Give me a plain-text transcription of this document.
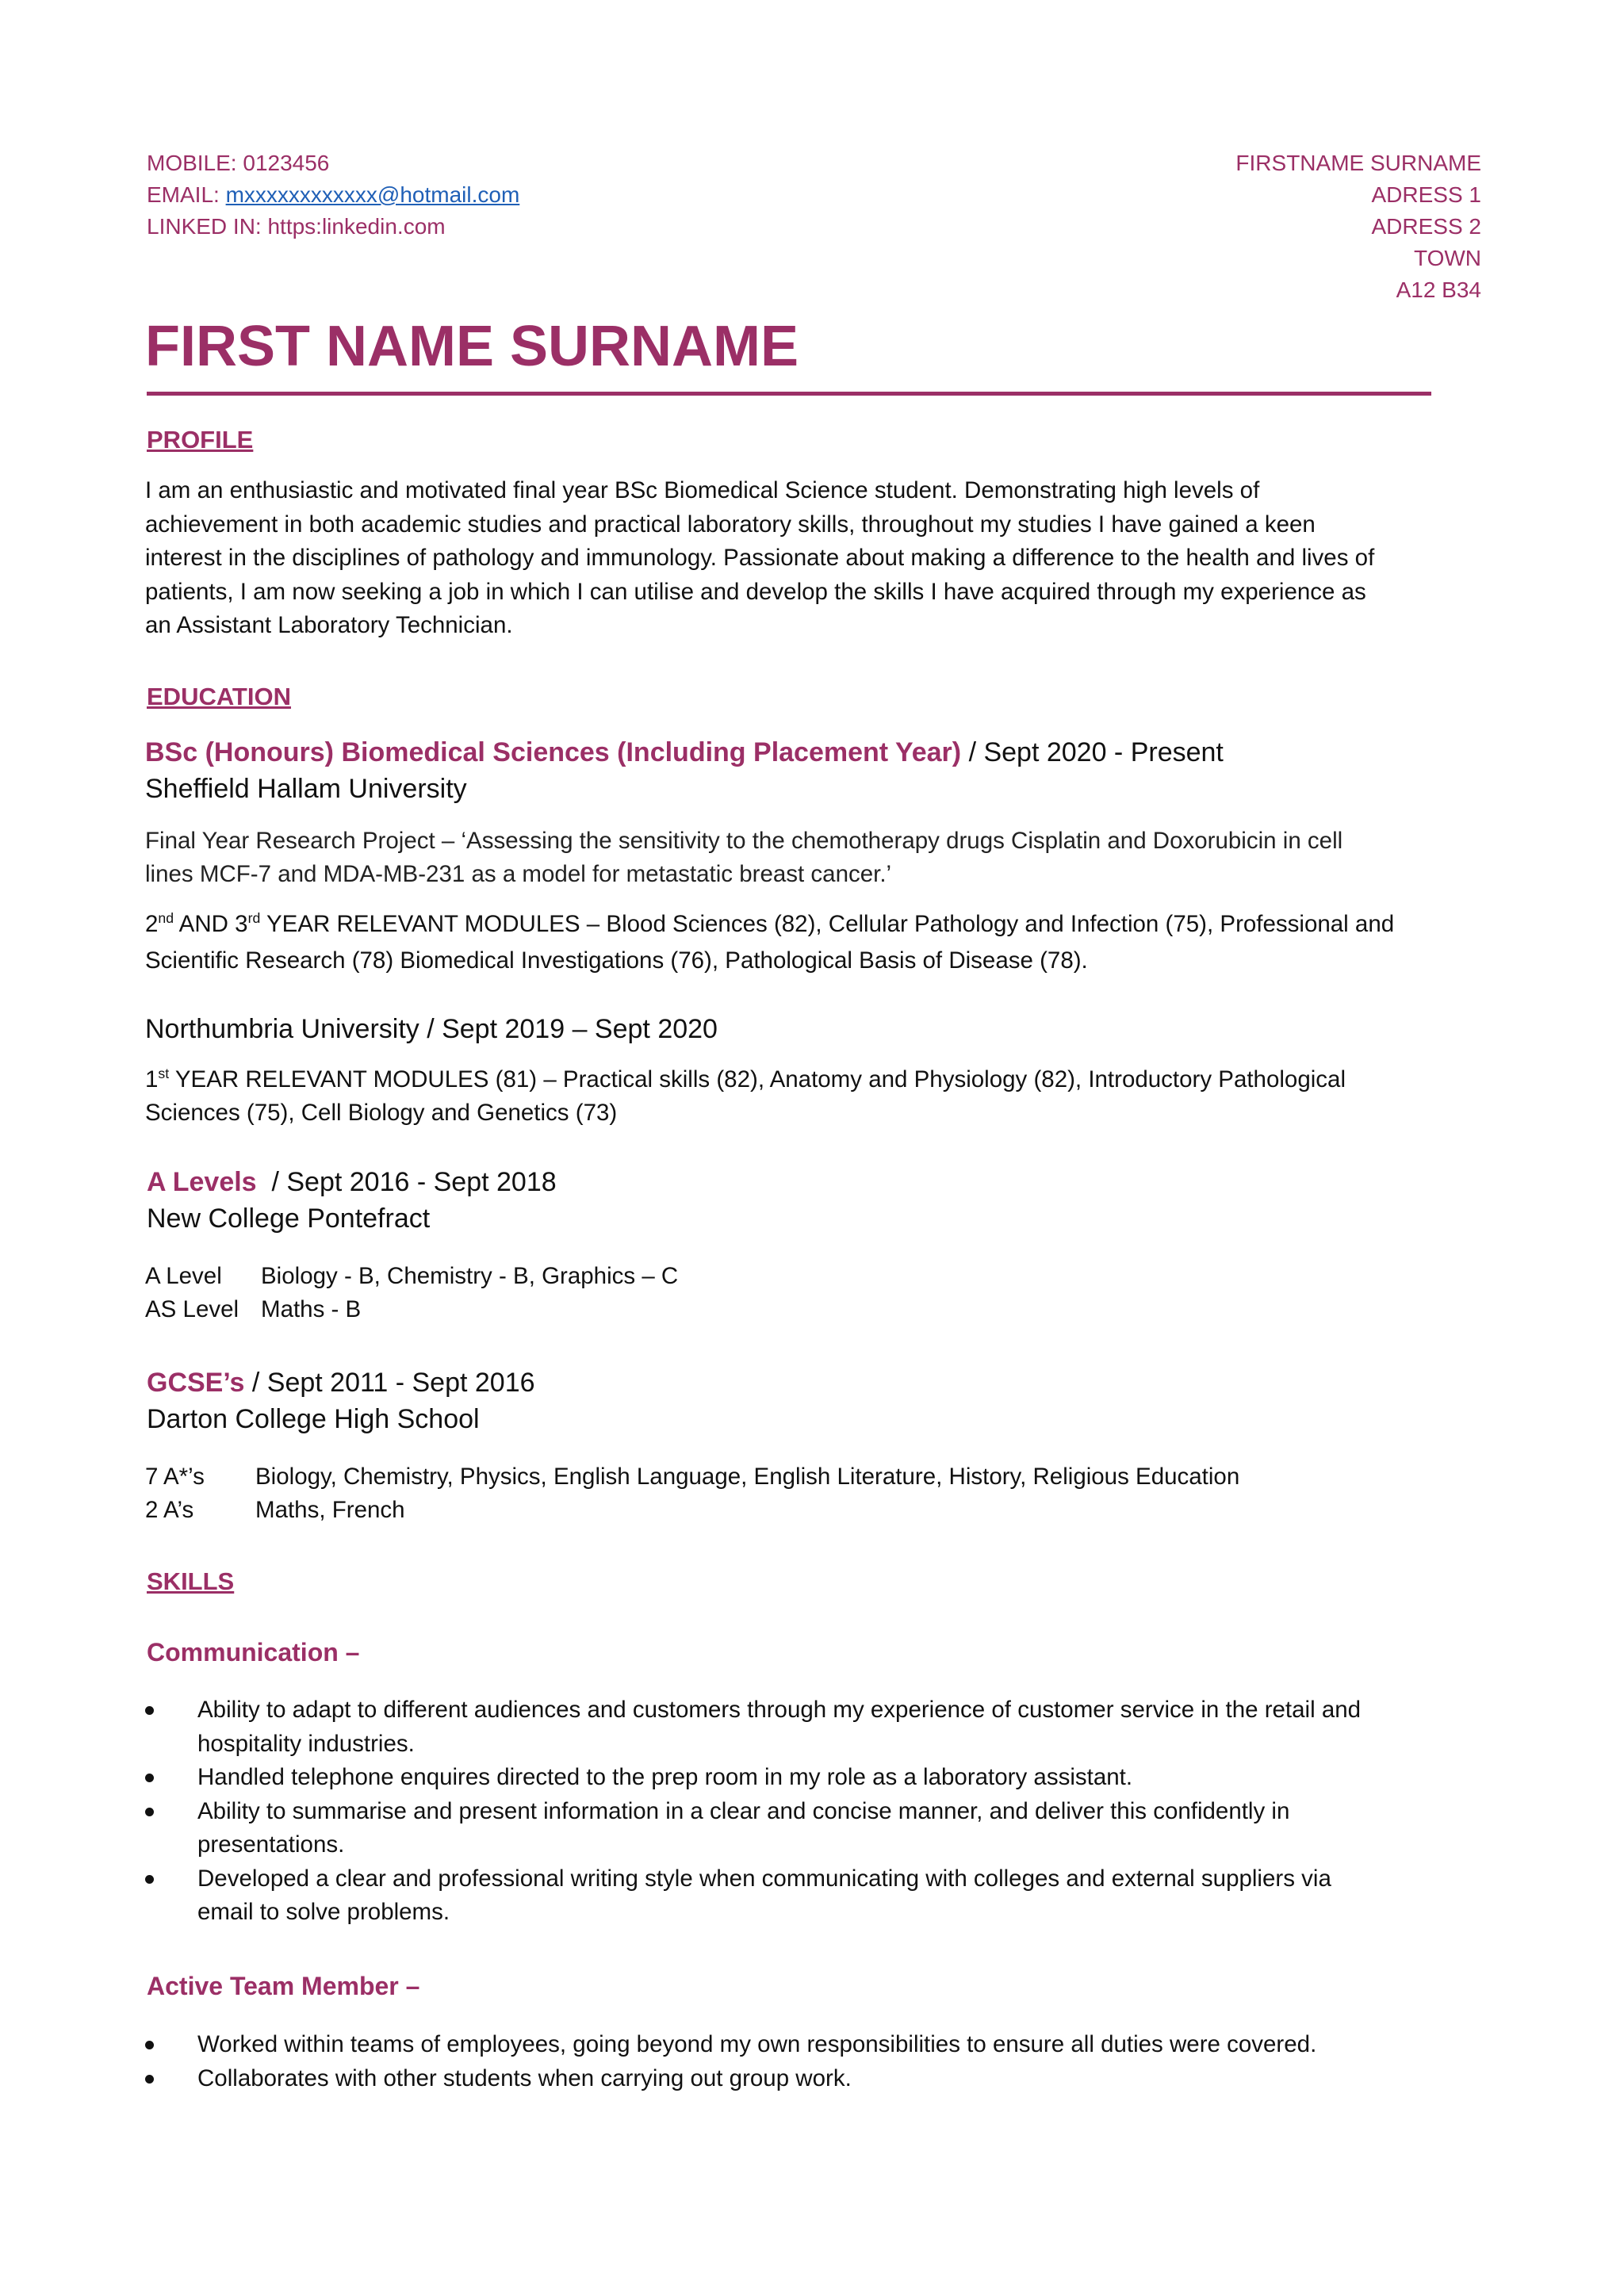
MOBILE: 0123456
EMAIL: mxxxxxxxxxxxx@hotmail.com
LINKED IN: https:linkedin.com
FIRSTNAME SURNAME
ADRESS 1
ADRESS 2
TOWN
A12 B34
FIRST NAME SURNAME
PROFILE

I am an enthusiastic and motivated final year BSc Biomedical Science student. Demonstrating high levels of

achievement in both academic studies and practical laboratory skills, throughout my studies I have gained a keen

interest in the disciplines of pathology and immunology. Passionate about making a difference to the health and lives of

patients, I am now seeking a job in which I can utilise and develop the skills I have acquired through my experience as

an Assistant Laboratory Technician.

EDUCATION
BSc (Honours) Biomedical Sciences (Including Placement Year) / Sept 2020 - Present
Sheffield Hallam University
Final Year Research Project – ‘Assessing the sensitivity to the chemotherapy drugs Cisplatin and Doxorubicin in cell
lines MCF-7 and MDA-MB-231 as a model for metastatic breast cancer.’
2nd AND 3rd YEAR RELEVANT MODULES – Blood Sciences (82), Cellular Pathology and Infection (75), Professional and
Scientific Research (78) Biomedical Investigations (76), Pathological Basis of Disease (78).
Northumbria University / Sept 2019 – Sept 2020
1st YEAR RELEVANT MODULES (81) – Practical skills (82), Anatomy and Physiology (82), Introductory Pathological
Sciences (75), Cell Biology and Genetics (73)
A Levels  / Sept 2016 - Sept 2018
New College Pontefract
A Level Biology - B, Chemistry - B, Graphics – C
AS Level Maths - B
GCSE’s / Sept 2011 - Sept 2016
Darton College High School
7 A*’s Biology, Chemistry, Physics, English Language, English Literature, History, Religious Education
2 A’s	Maths, French
SKILLS
Communication –
Ability to adapt to different audiences and customers through my experience of customer service in the retail and
hospitality industries.
Handled telephone enquires directed to the prep room in my role as a laboratory assistant.
Ability to summarise and present information in a clear and concise manner, and deliver this confidently in
presentations.
Developed a clear and professional writing style when communicating with colleges and external suppliers via
email to solve problems.
Active Team Member –
Worked within teams of employees, going beyond my own responsibilities to ensure all duties were covered.
Collaborates with other students when carrying out group work.
